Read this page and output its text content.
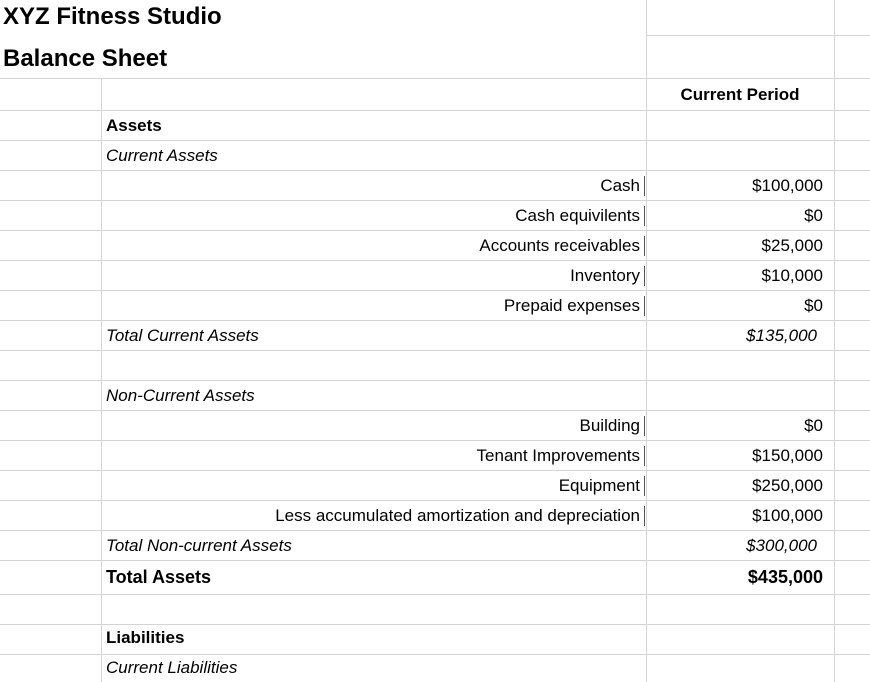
XYZ Fitness Studio
Balance Sheet
Current Period
Assets
Current Assets
Cash	$100,000
Cash equivilents	$0
Accounts receivables	$25,000
Inventory	$10,000
Prepaid expenses	$0
Total Current Assets	$135,000
Non-Current Assets
Building	$0
Tenant Improvements	$150,000
Equipment	$250,000
Less accumulated amortization and depreciation	$100,000
Total Non-current Assets	$300,000
Total Assets	$435,000
Liabilities
Current Liabilities
